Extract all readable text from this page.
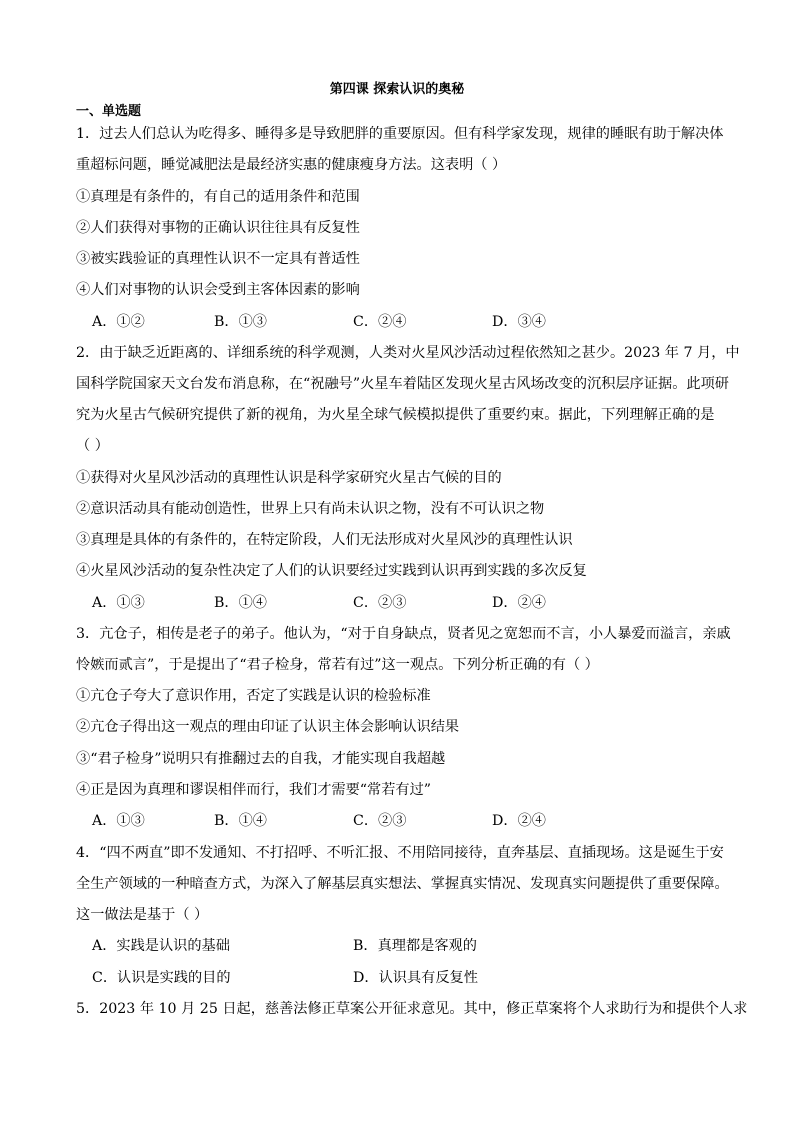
第四课 探索认识的奥秘
一、单选题
1．过去人们总认为吃得多、睡得多是导致肥胖的重要原因。但有科学家发现，规律的睡眠有助于解决体
重超标问题，睡觉减肥法是最经济实惠的健康瘦身方法。这表明（ ）
①真理是有条件的，有自己的适用条件和范围
②人们获得对事物的正确认识往往具有反复性
③被实践验证的真理性认识不一定具有普适性
④人们对事物的认识会受到主客体因素的影响
A．①②	B．①③	C．②④	D．③④
2．由于缺乏近距离的、详细系统的科学观测，人类对火星风沙活动过程依然知之甚少。2023 年 7 月，中
国科学院国家天文台发布消息称，在“祝融号”火星车着陆区发现火星古风场改变的沉积层序证据。此项研
究为火星古气候研究提供了新的视角，为火星全球气候模拟提供了重要约束。据此，下列理解正确的是
（ ）
①获得对火星风沙活动的真理性认识是科学家研究火星古气候的目的
②意识活动具有能动创造性，世界上只有尚未认识之物，没有不可认识之物
③真理是具体的有条件的，在特定阶段，人们无法形成对火星风沙的真理性认识
④火星风沙活动的复杂性决定了人们的认识要经过实践到认识再到实践的多次反复
A．①③	B．①④	C．②③	D．②④
3．亢仓子，相传是老子的弟子。他认为，“对于自身缺点，贤者见之宽恕而不言，小人暴爱而溢言，亲戚
怜嫉而贰言”，于是提出了“君子检身，常若有过”这一观点。下列分析正确的有（ ）
①亢仓子夸大了意识作用，否定了实践是认识的检验标准
②亢仓子得出这一观点的理由印证了认识主体会影响认识结果
③“君子检身”说明只有推翻过去的自我，才能实现自我超越
④正是因为真理和谬误相伴而行，我们才需要“常若有过”
A．①③	B．①④	C．②③	D．②④
4．“四不两直”即不发通知、不打招呼、不听汇报、不用陪同接待，直奔基层、直插现场。这是诞生于安
全生产领域的一种暗查方式，为深入了解基层真实想法、掌握真实情况、发现真实问题提供了重要保障。
这一做法是基于（ ）
A．实践是认识的基础	B．真理都是客观的
C．认识是实践的目的	D．认识具有反复性
5．2023 年 10 月 25 日起，慈善法修正草案公开征求意见。其中，修正草案将个人求助行为和提供个人求
